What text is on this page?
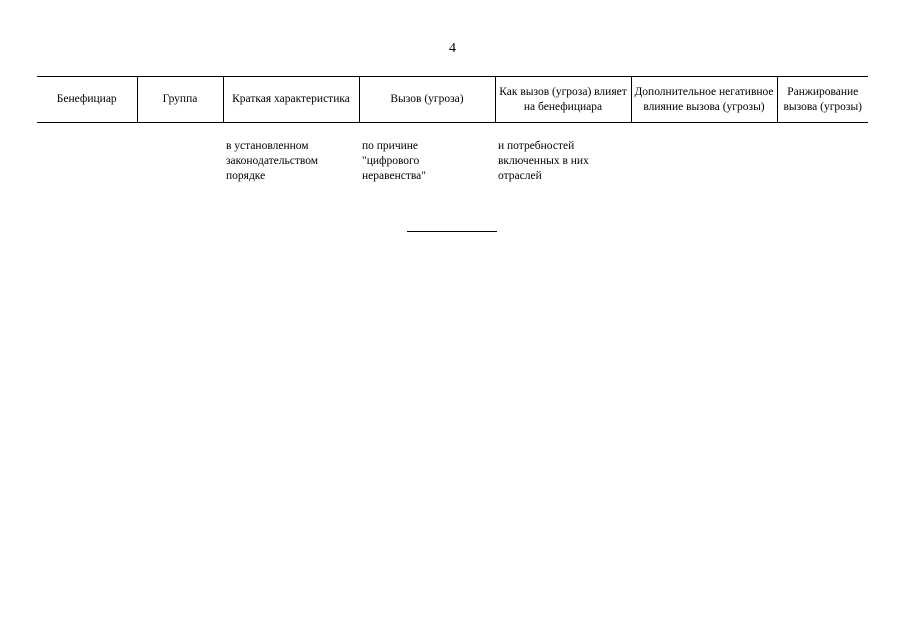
4
Бенефициар	Группа	Краткая характеристика	Вызов (угроза)	Как вызов (угроза) влияет
на бенефициара	Дополнительное негативное влияние вызова (угрозы)	Ранжирование вызова (угрозы)
		в установленном
законодательством
порядке	по причине
"цифрового
неравенства"	и потребностей
включенных в них
отраслей		
